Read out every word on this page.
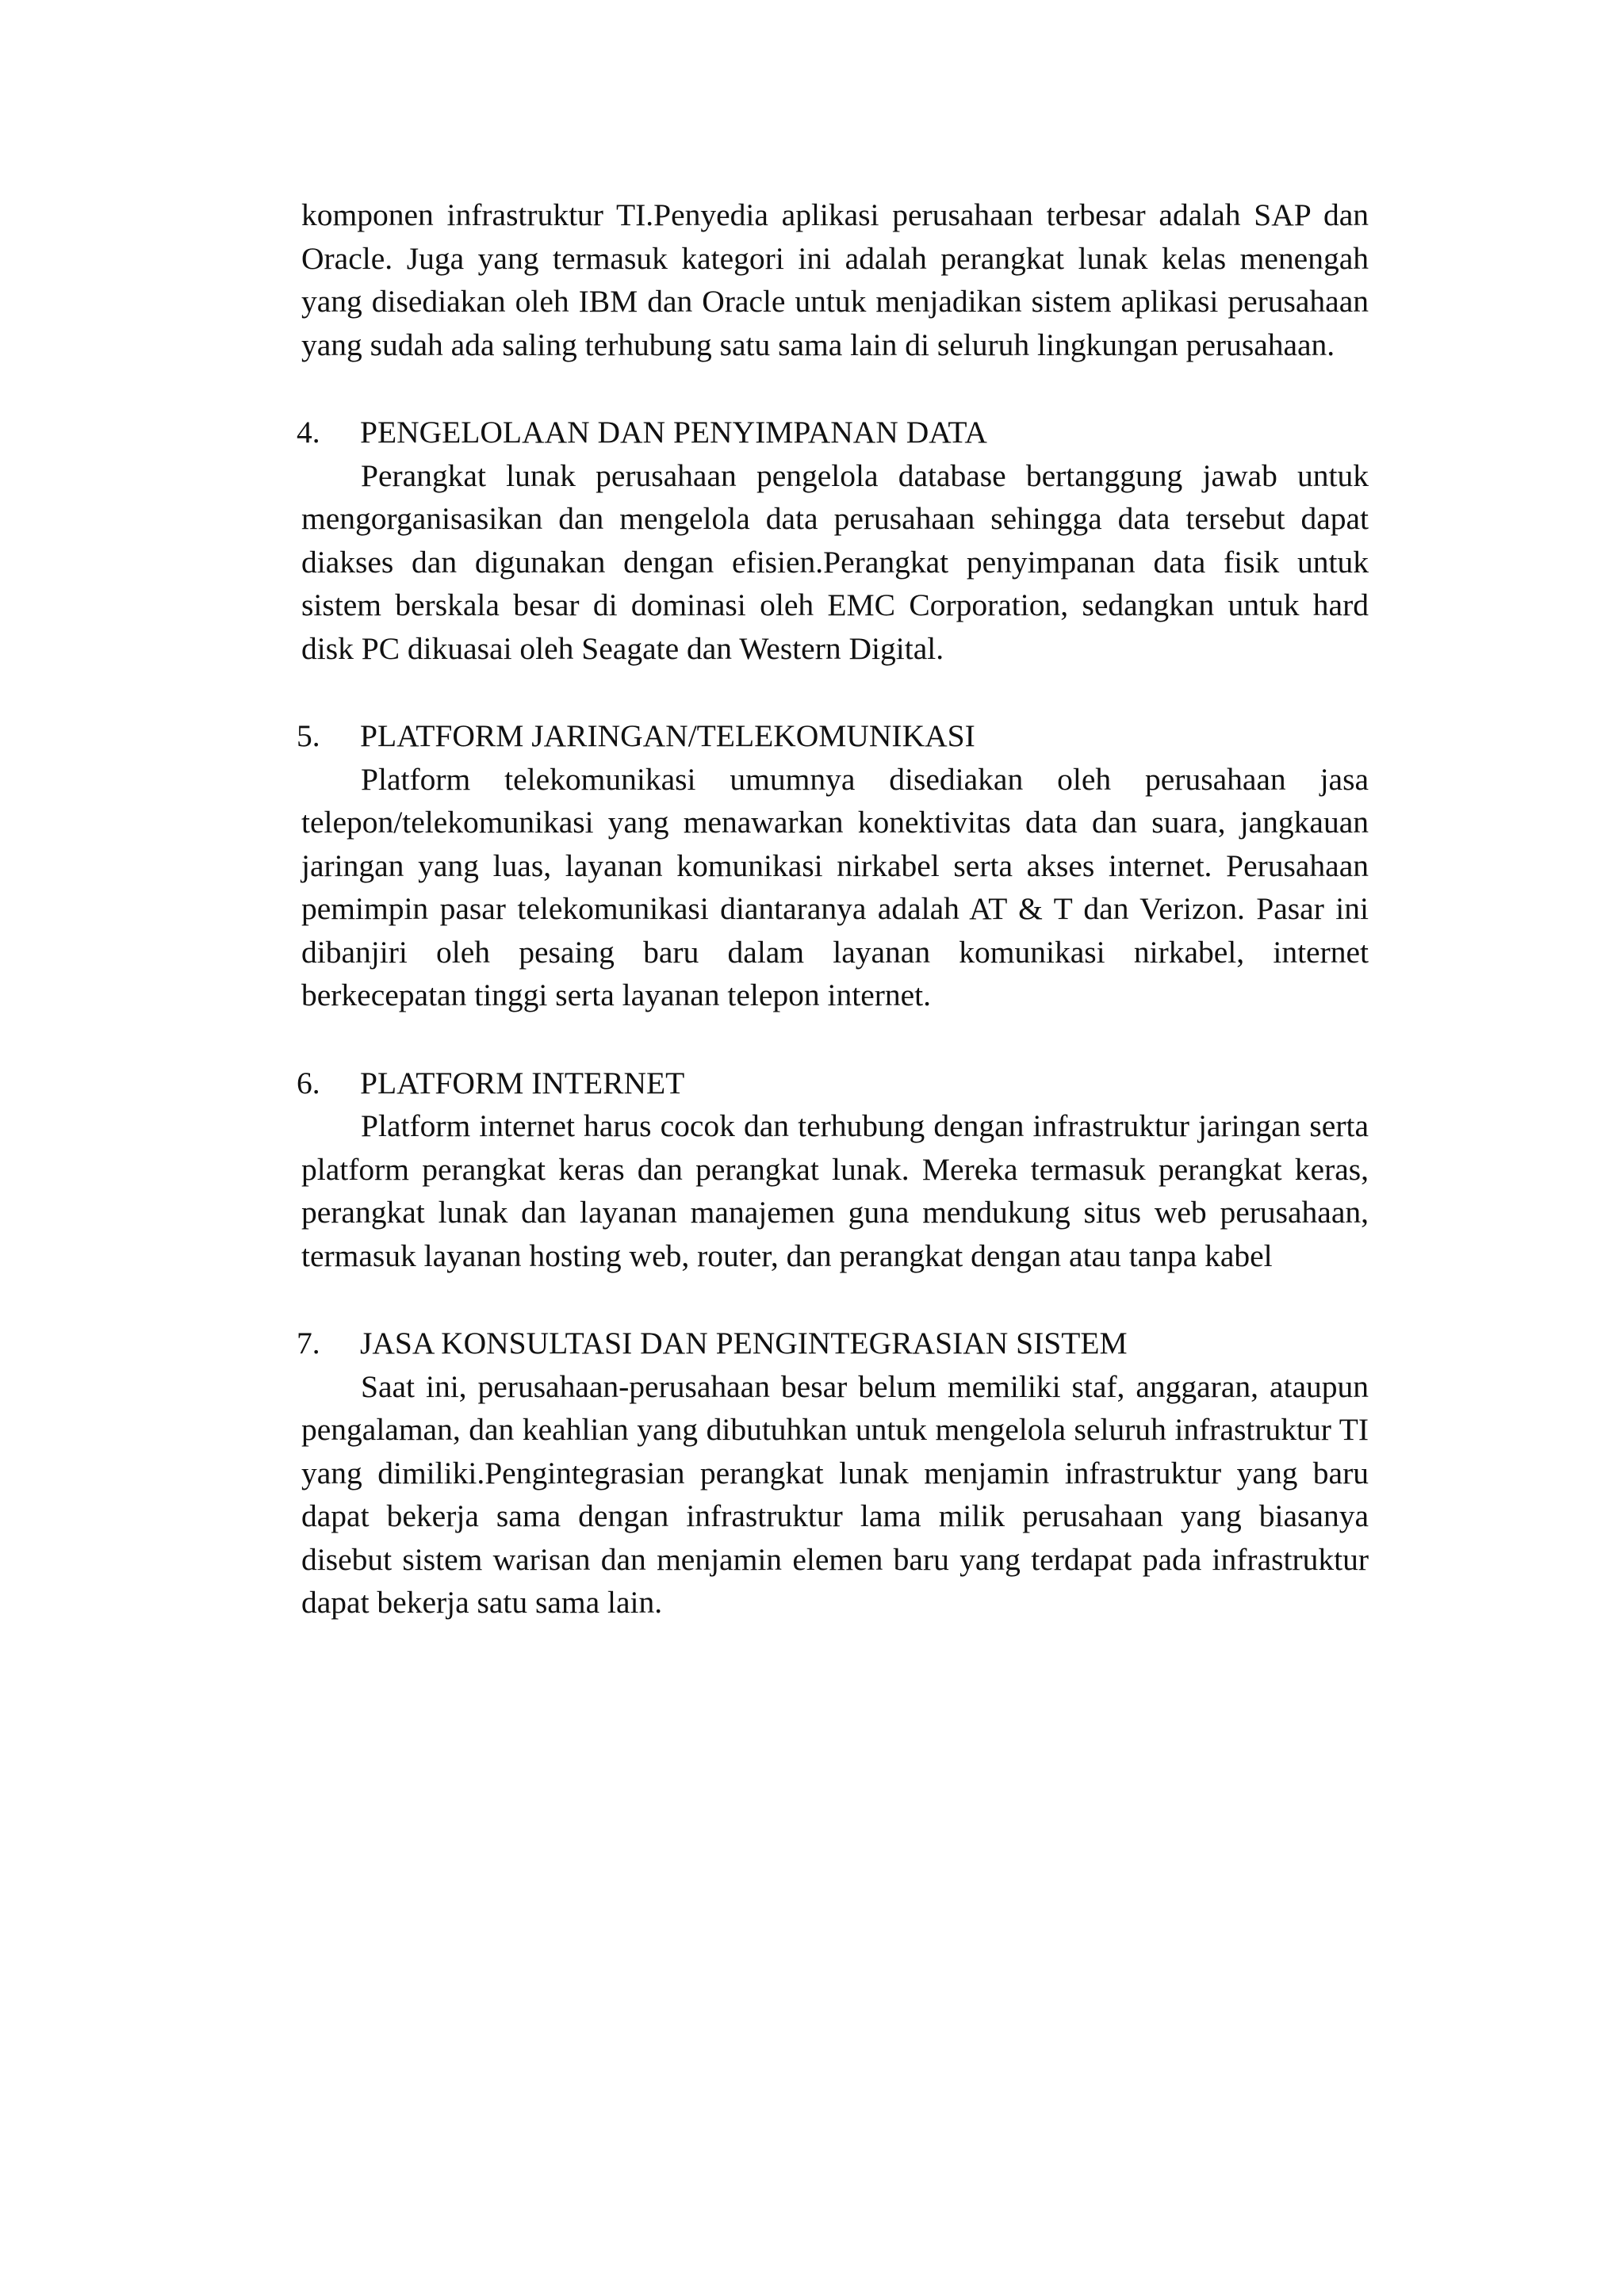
komponen infrastruktur TI.Penyedia aplikasi perusahaan terbesar adalah SAP dan Oracle. Juga yang termasuk kategori ini adalah perangkat lunak kelas menengah yang disediakan oleh IBM dan Oracle untuk menjadikan sistem aplikasi perusahaan yang sudah ada saling terhubung satu sama lain di seluruh lingkungan perusahaan.

4.	PENGELOLAAN DAN PENYIMPANAN DATA

Perangkat lunak perusahaan pengelola database bertanggung jawab untuk mengorganisasikan dan mengelola data perusahaan sehingga data tersebut dapat diakses dan digunakan dengan efisien.Perangkat penyimpanan data fisik untuk sistem berskala besar di dominasi oleh EMC Corporation, sedangkan untuk hard disk PC dikuasai oleh Seagate dan Western Digital.

5.	PLATFORM JARINGAN/TELEKOMUNIKASI

Platform telekomunikasi umumnya disediakan oleh perusahaan jasa telepon/telekomunikasi yang menawarkan konektivitas data dan suara, jangkauan jaringan yang luas, layanan komunikasi nirkabel serta akses internet. Perusahaan pemimpin pasar telekomunikasi diantaranya adalah AT & T dan Verizon. Pasar ini dibanjiri oleh pesaing baru dalam layanan komunikasi nirkabel, internet berkecepatan tinggi serta layanan telepon internet.

6.	PLATFORM INTERNET

Platform internet harus cocok dan terhubung dengan infrastruktur jaringan serta platform perangkat keras dan perangkat lunak. Mereka termasuk perangkat keras, perangkat lunak dan layanan manajemen guna mendukung situs web perusahaan, termasuk layanan hosting web, router, dan perangkat dengan atau tanpa kabel

7.	JASA KONSULTASI DAN PENGINTEGRASIAN SISTEM

Saat ini, perusahaan-perusahaan besar belum memiliki staf, anggaran, ataupun pengalaman, dan keahlian yang dibutuhkan untuk mengelola seluruh infrastruktur TI yang dimiliki.Pengintegrasian perangkat lunak menjamin infrastruktur yang baru dapat bekerja sama dengan infrastruktur lama milik perusahaan yang biasanya disebut sistem warisan dan menjamin elemen baru yang terdapat pada infrastruktur dapat bekerja satu sama lain.
